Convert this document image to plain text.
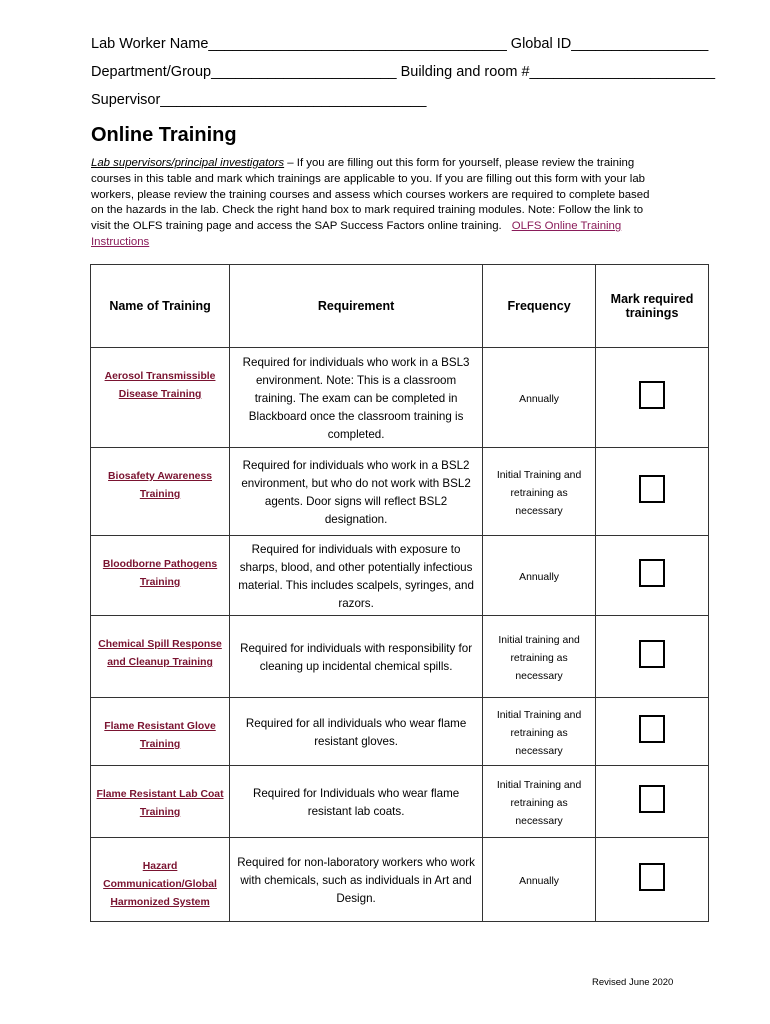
Lab Worker Name_____________________________________ Global ID_________________
Department/Group_______________________ Building and room #_______________________
Supervisor_________________________________
Online Training
Lab supervisors/principal investigators – If you are filling out this form for yourself, please review the training courses in this table and mark which trainings are applicable to you. If you are filling out this form with your lab workers, please review the training courses and assess which courses workers are required to complete based on the hazards in the lab. Check the right hand box to mark required training modules. Note: Follow the link to visit the OLFS training page and access the SAP Success Factors online training. OLFS Online Training Instructions
Name of Training	Requirement	Frequency	Mark required trainings
Aerosol Transmissible Disease Training	Required for individuals who work in a BSL3 environment. Note: This is a classroom training. The exam can be completed in Blackboard once the classroom training is completed.	Annually	
Biosafety Awareness Training	Required for individuals who work in a BSL2 environment, but who do not work with BSL2 agents. Door signs will reflect BSL2 designation.	Initial Training and retraining as necessary	
Bloodborne Pathogens Training	Required for individuals with exposure to sharps, blood, and other potentially infectious material. This includes scalpels, syringes, and razors.	Annually	
Chemical Spill Response and Cleanup Training	Required for individuals with responsibility for cleaning up incidental chemical spills.	Initial training and retraining as necessary	
Flame Resistant Glove Training	Required for all individuals who wear flame resistant gloves.	Initial Training and retraining as necessary	
Flame Resistant Lab Coat Training	Required for Individuals who wear flame resistant lab coats.	Initial Training and retraining as necessary	
Hazard Communication/Global Harmonized System	Required for non-laboratory workers who work with chemicals, such as individuals in Art and Design.	Annually	
Revised June 2020
